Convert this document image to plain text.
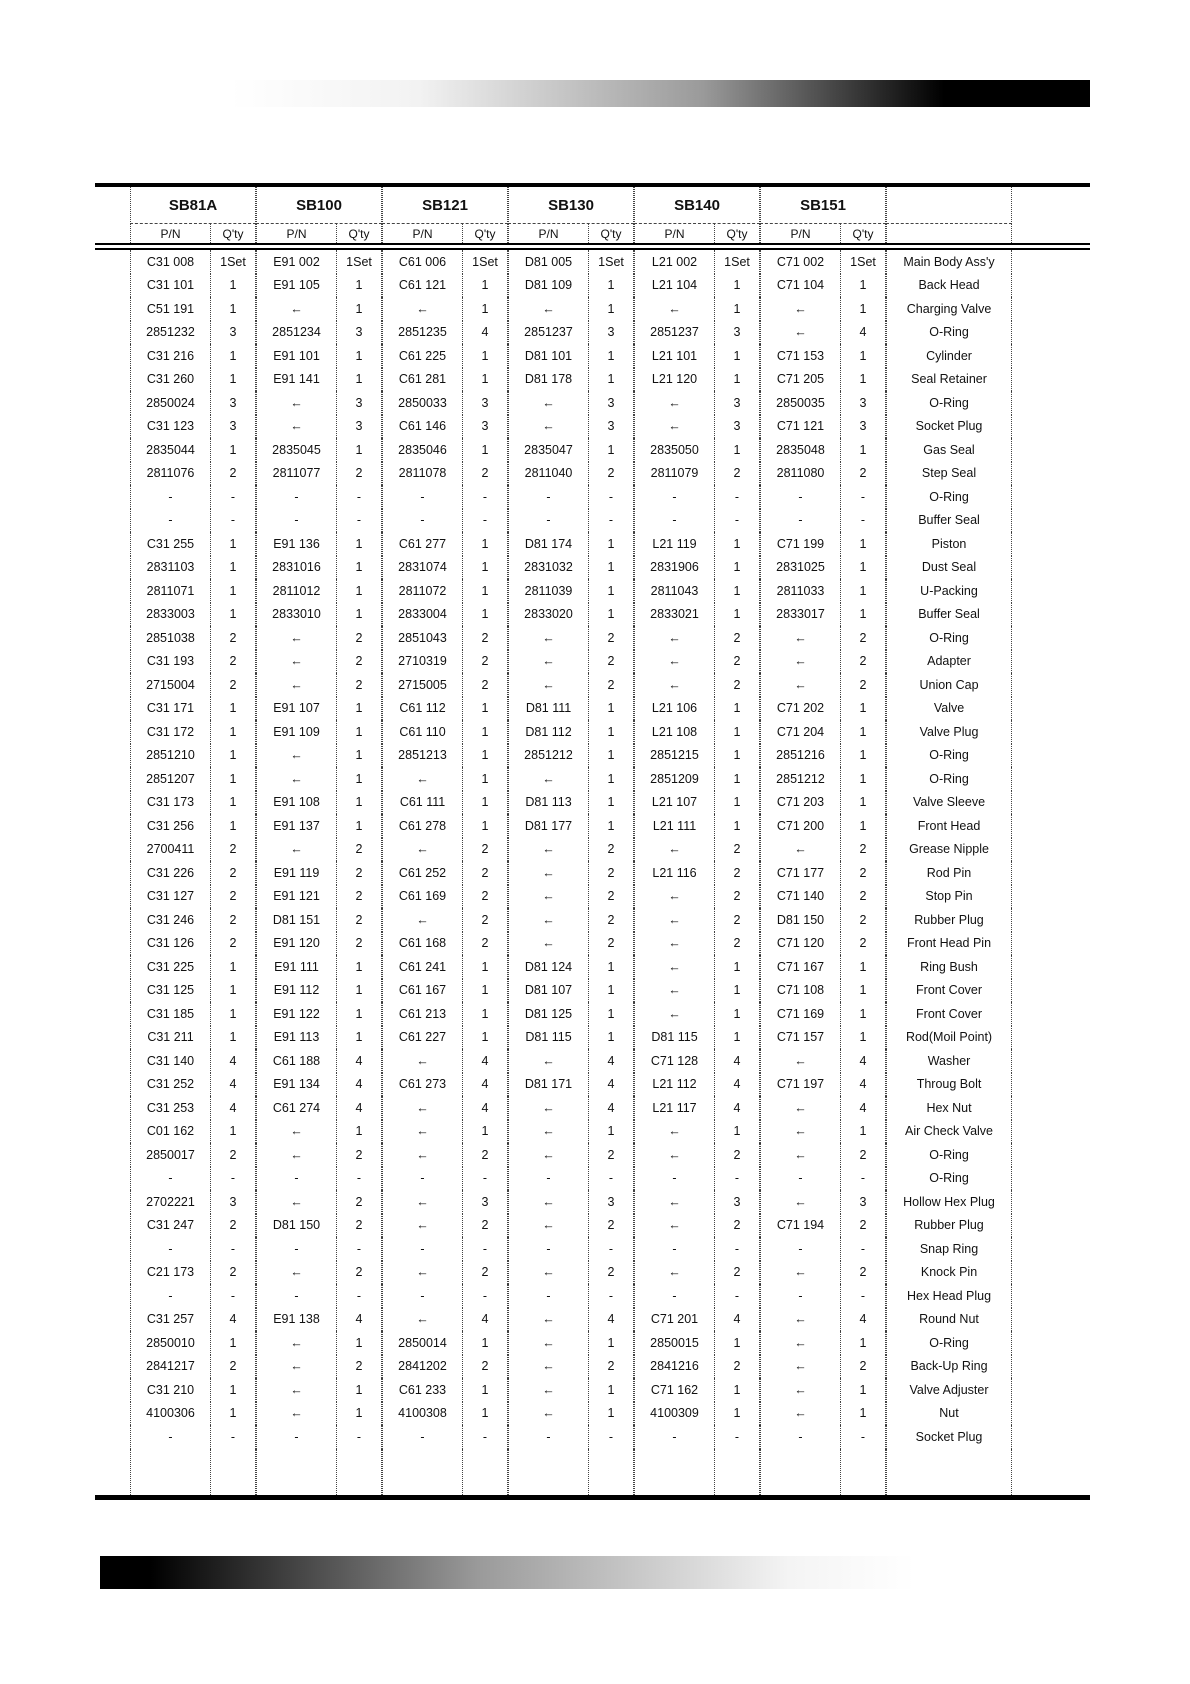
	SB81A		SB100		SB121		SB130		SB140		SB151			
	P/N	Q'ty	P/N	Q'ty	P/N	Q'ty	P/N	Q'ty	P/N	Q'ty	P/N	Q'ty		

	C31 008	1Set	E91 002	1Set	C61 006	1Set	D81 005	1Set	L21 002	1Set	C71 002	1Set	Main Body Ass'y	
	C31 101	1	E91 105	1	C61 121	1	D81 109	1	L21 104	1	C71 104	1	Back Head	
	C51 191	1	←	1	←	1	←	1	←	1	←	1	Charging Valve	
	2851232	3	2851234	3	2851235	4	2851237	3	2851237	3	←	4	O-Ring	
	C31 216	1	E91 101	1	C61 225	1	D81 101	1	L21 101	1	C71 153	1	Cylinder	
	C31 260	1	E91 141	1	C61 281	1	D81 178	1	L21 120	1	C71 205	1	Seal Retainer	
	2850024	3	←	3	2850033	3	←	3	←	3	2850035	3	O-Ring	
	C31 123	3	←	3	C61 146	3	←	3	←	3	C71 121	3	Socket Plug	
	2835044	1	2835045	1	2835046	1	2835047	1	2835050	1	2835048	1	Gas Seal	
	2811076	2	2811077	2	2811078	2	2811040	2	2811079	2	2811080	2	Step Seal	
	-	-	-	-	-	-	-	-	-	-	-	-	O-Ring	
	-	-	-	-	-	-	-	-	-	-	-	-	Buffer Seal	
	C31 255	1	E91 136	1	C61 277	1	D81 174	1	L21 119	1	C71 199	1	Piston	
	2831103	1	2831016	1	2831074	1	2831032	1	2831906	1	2831025	1	Dust Seal	
	2811071	1	2811012	1	2811072	1	2811039	1	2811043	1	2811033	1	U-Packing	
	2833003	1	2833010	1	2833004	1	2833020	1	2833021	1	2833017	1	Buffer Seal	
	2851038	2	←	2	2851043	2	←	2	←	2	←	2	O-Ring	
	C31 193	2	←	2	2710319	2	←	2	←	2	←	2	Adapter	
	2715004	2	←	2	2715005	2	←	2	←	2	←	2	Union Cap	
	C31 171	1	E91 107	1	C61 112	1	D81 111	1	L21 106	1	C71 202	1	Valve	
	C31 172	1	E91 109	1	C61 110	1	D81 112	1	L21 108	1	C71 204	1	Valve Plug	
	2851210	1	←	1	2851213	1	2851212	1	2851215	1	2851216	1	O-Ring	
	2851207	1	←	1	←	1	←	1	2851209	1	2851212	1	O-Ring	
	C31 173	1	E91 108	1	C61 111	1	D81 113	1	L21 107	1	C71 203	1	Valve Sleeve	
	C31 256	1	E91 137	1	C61 278	1	D81 177	1	L21 111	1	C71 200	1	Front Head	
	2700411	2	←	2	←	2	←	2	←	2	←	2	Grease Nipple	
	C31 226	2	E91 119	2	C61 252	2	←	2	L21 116	2	C71 177	2	Rod Pin	
	C31 127	2	E91 121	2	C61 169	2	←	2	←	2	C71 140	2	Stop Pin	
	C31 246	2	D81 151	2	←	2	←	2	←	2	D81 150	2	Rubber Plug	
	C31 126	2	E91 120	2	C61 168	2	←	2	←	2	C71 120	2	Front Head Pin	
	C31 225	1	E91 111	1	C61 241	1	D81 124	1	←	1	C71 167	1	Ring Bush	
	C31 125	1	E91 112	1	C61 167	1	D81 107	1	←	1	C71 108	1	Front Cover	
	C31 185	1	E91 122	1	C61 213	1	D81 125	1	←	1	C71 169	1	Front Cover	
	C31 211	1	E91 113	1	C61 227	1	D81 115	1	D81 115	1	C71 157	1	Rod(Moil Point)	
	C31 140	4	C61 188	4	←	4	←	4	C71 128	4	←	4	Washer	
	C31 252	4	E91 134	4	C61 273	4	D81 171	4	L21 112	4	C71 197	4	Throug Bolt	
	C31 253	4	C61 274	4	←	4	←	4	L21 117	4	←	4	Hex Nut	
	C01 162	1	←	1	←	1	←	1	←	1	←	1	Air Check Valve	
	2850017	2	←	2	←	2	←	2	←	2	←	2	O-Ring	
	-	-	-	-	-	-	-	-	-	-	-	-	O-Ring	
	2702221	3	←	2	←	3	←	3	←	3	←	3	Hollow Hex Plug	
	C31 247	2	D81 150	2	←	2	←	2	←	2	C71 194	2	Rubber Plug	
	-	-	-	-	-	-	-	-	-	-	-	-	Snap Ring	
	C21 173	2	←	2	←	2	←	2	←	2	←	2	Knock Pin	
	-	-	-	-	-	-	-	-	-	-	-	-	Hex Head Plug	
	C31 257	4	E91 138	4	←	4	←	4	C71 201	4	←	4	Round Nut	
	2850010	1	←	1	2850014	1	←	1	2850015	1	←	1	O-Ring	
	2841217	2	←	2	2841202	2	←	2	2841216	2	←	2	Back-Up Ring	
	C31 210	1	←	1	C61 233	1	←	1	C71 162	1	←	1	Valve Adjuster	
	4100306	1	←	1	4100308	1	←	1	4100309	1	←	1	Nut	
	-	-	-	-	-	-	-	-	-	-	-	-	Socket Plug	
